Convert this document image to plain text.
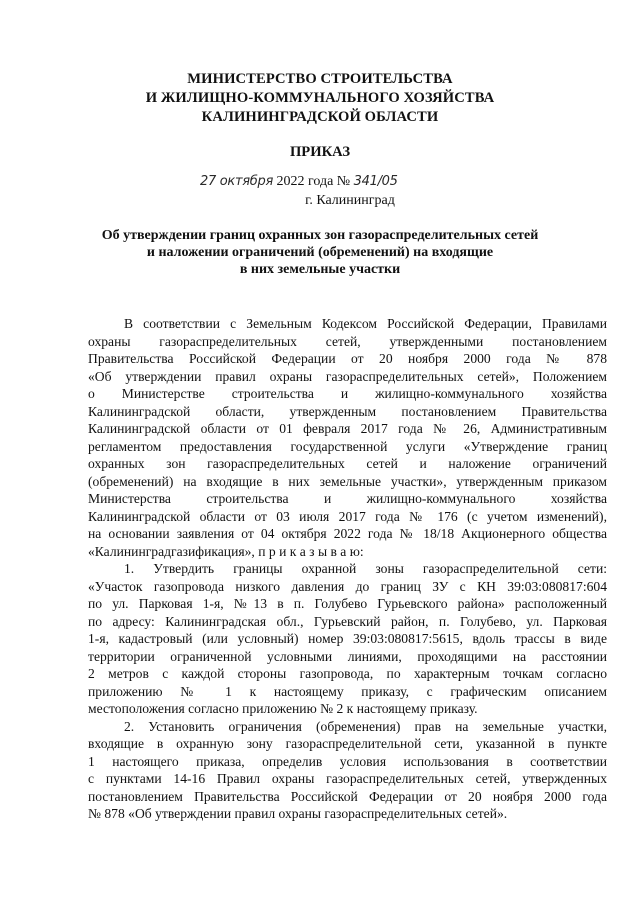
МИНИСТЕРСТВО СТРОИТЕЛЬСТВА
И ЖИЛИЩНО-КОММУНАЛЬНОГО ХОЗЯЙСТВА
КАЛИНИНГРАДСКОЙ ОБЛАСТИ
ПРИКАЗ
27 октября 2022 года № 341/05
г. Калининград
Об утверждении границ охранных зон газораспределительных сетей
и наложении ограничений (обременений) на входящие
в них земельные участки
В соответствии с Земельным Кодексом Российской Федерации, Правилами
охраны газораспределительных сетей, утвержденными постановлением
Правительства Российской Федерации от 20 ноября 2000 года № 878
«Об утверждении правил охраны газораспределительных сетей», Положением
о Министерстве строительства и жилищно-коммунального хозяйства
Калининградской области, утвержденным постановлением Правительства
Калининградской области от 01 февраля 2017 года № 26, Административным
регламентом предоставления государственной услуги «Утверждение границ
охранных зон газораспределительных сетей и наложение ограничений
(обременений) на входящие в них земельные участки», утвержденным приказом
Министерства строительства и жилищно-коммунального хозяйства
Калининградской области от 03 июля 2017 года № 176 (с учетом изменений),
на основании заявления от 04 октября 2022 года № 18/18 Акционерного общества
«Калининградгазификация», п р и к а з ы в а ю:
1. Утвердить границы охранной зоны газораспределительной сети:
«Участок газопровода низкого давления до границ ЗУ с КН 39:03:080817:604
по ул. Парковая 1-я, №13 в п. Голубево Гурьевского района» расположенный
по адресу: Калининградская обл., Гурьевский район, п. Голубево, ул. Парковая
1-я, кадастровый (или условный) номер 39:03:080817:5615, вдоль трассы в виде
территории ограниченной условными линиями, проходящими на расстоянии
2 метров с каждой стороны газопровода, по характерным точкам согласно
приложению № 1 к настоящему приказу, с графическим описанием
местоположения согласно приложению № 2 к настоящему приказу.
2. Установить ограничения (обременения) прав на земельные участки,
входящие в охранную зону газораспределительной сети, указанной в пункте
1 настоящего приказа, определив условия использования в соответствии
с пунктами 14-16 Правил охраны газораспределительных сетей, утвержденных
постановлением Правительства Российской Федерации от 20 ноября 2000 года
№ 878 «Об утверждении правил охраны газораспределительных сетей».
